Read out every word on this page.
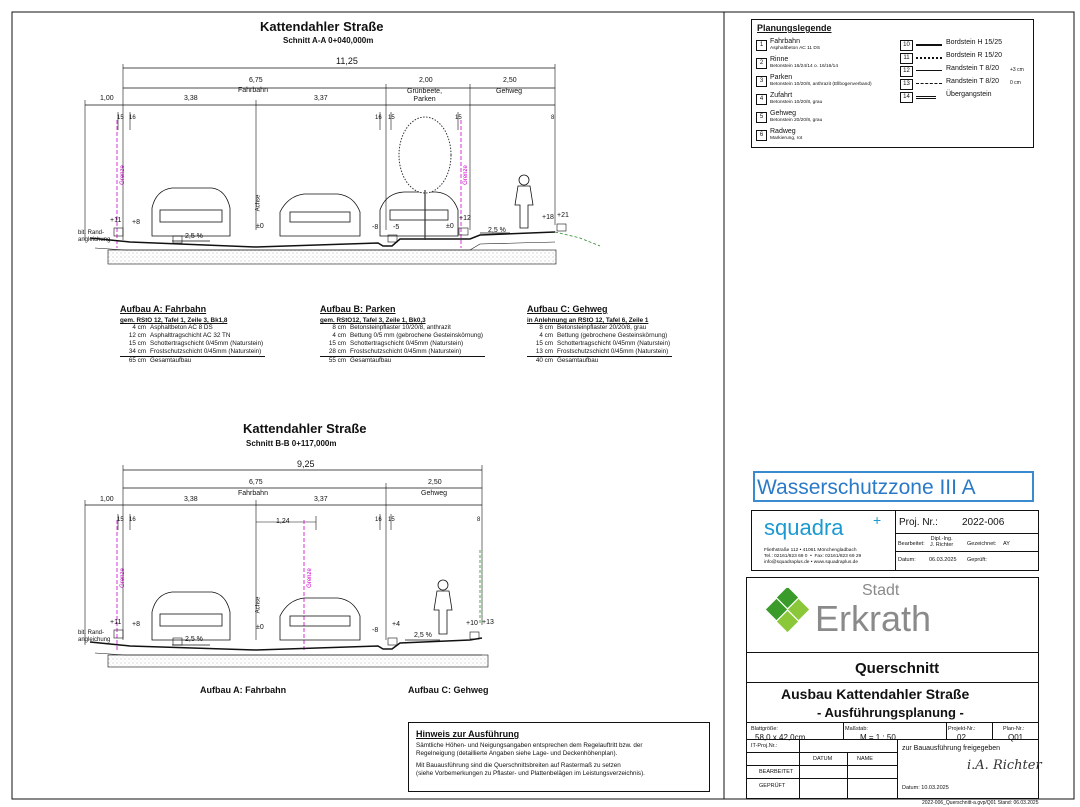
Kattendahler Straße
Schnitt A-A 0+040,000m
11,25
6,75	2,00	2,50
1,00	3,38	3,37
Fahrbahn	Grünbeete,
Parken
Gehweg
15 16	16 15	15	8
Grenze	Grenze
Achse
+11 +8
±0	-8 -5	±0
+12	+18 +21
2,5 %
2,5 %
bit. Rand-
angleichung
Aufbau A: Fahrbahn
gem. RStO 12, Tafel 1, Zeile 3, Bk1,8
4 cm	Asphaltbeton AC 8 DS
12 cm	Asphalttragschicht AC 32 TN
15 cm	Schottertragschicht 0/45mm (Naturstein)
34 cm	Frostschutzschicht 0/45mm (Naturstein)
65 cm	Gesamtaufbau
Aufbau B: Parken
gem. RStO12, Tafel 3, Zeile 1, Bk0,3
8 cm	Betonsteinpflaster 10/20/8, anthrazit
4 cm	Bettung 0/5 mm (gebrochene Gesteinskörnung)
15 cm	Schottertragschicht 0/45mm (Naturstein)
28 cm	Frostschutzschicht 0/45mm (Naturstein)
55 cm	Gesamtaufbau
Aufbau C: Gehweg
in Anlehnung an RStO 12, Tafel 6, Zeile 1
8 cm	Betonsteinpflaster 20/20/8, grau
4 cm	Bettung (gebrochene Gesteinskörnung)
15 cm	Schottertragschicht 0/45mm (Naturstein)
13 cm	Frostschutzschicht 0/45mm (Naturstein)
40 cm	Gesamtaufbau
Kattendahler Straße
Schnitt B-B 0+117,000m
9,25
6,75	2,50
1,00	3,38	3,37
1,24
Fahrbahn	Gehweg
15 16	16 15	8
Grenze	Grenze
Achse
+11 +8	±0	-8
+4	+10 +13
2,5 %
2,5 %
bit. Rand-
angleichung
Aufbau A: Fahrbahn	Aufbau C: Gehweg
Hinweis zur Ausführung
Sämtliche Höhen- und Neigungsangaben entsprechen dem Regelauftritt bzw. der
Regelneigung (detaillierte Angaben siehe Lage- und Deckenhöhenplan).
Mit Bauausführung sind die Querschnittsbreiten auf Rastermaß zu setzen
(siehe Vorbemerkungen zu Pflaster- und Plattenbelägen im Leistungsverzeichnis).
Planungslegende
1 Fahrbahn
Asphaltbeton AC 11 DS
2 Rinne
Betonstein 16/24/14 o. 16/16/14
3 Parken
Betonstein 10/20/8, anthrazit (Ellbogenverband)
4 Zufahrt
Betonstein 10/20/8, grau
5 Gehweg
Betonstein 20/20/8, grau
6 Radweg
Markierung, rot
10	Bordstein H 15/25
11	Bordstein R 15/20
12	Randstein T 8/20 +3 cm
13	Randstein T 8/20 0 cm
14	Übergangstein
Wasserschutzzone III A
squadra +
Fliethstraße 112 • 41061 Mönchengladbach
Tel.: 02161/823 69 0  •  Fax: 02161/823 69 29
info@squadraplus.de • www.squadraplus.de
Proj. Nr.: 2022-006
Bearbeitet:
Dipl.-Ing.
J. Richter	Gezeichnet: AY
Datum: 06.03.2025 Geprüft:
Stadt
Erkrath
Querschnitt
Ausbau Kattendahler Straße
- Ausführungsplanung -
Blattgröße:
58,0 x 42,0cm
Maßstab:
M = 1 : 50
Projekt-Nr.:
02
Plan-Nr.:
Q01
IT-Proj.Nr.:
DATUM	NAME
BEARBEITET
GEPRÜFT
zur Bauausführung freigegeben
i.A. Richter
Datum: 10.03.2025
2022-006_Querschnitt-a.gvp/Q01 Stand: 06.03.2025
